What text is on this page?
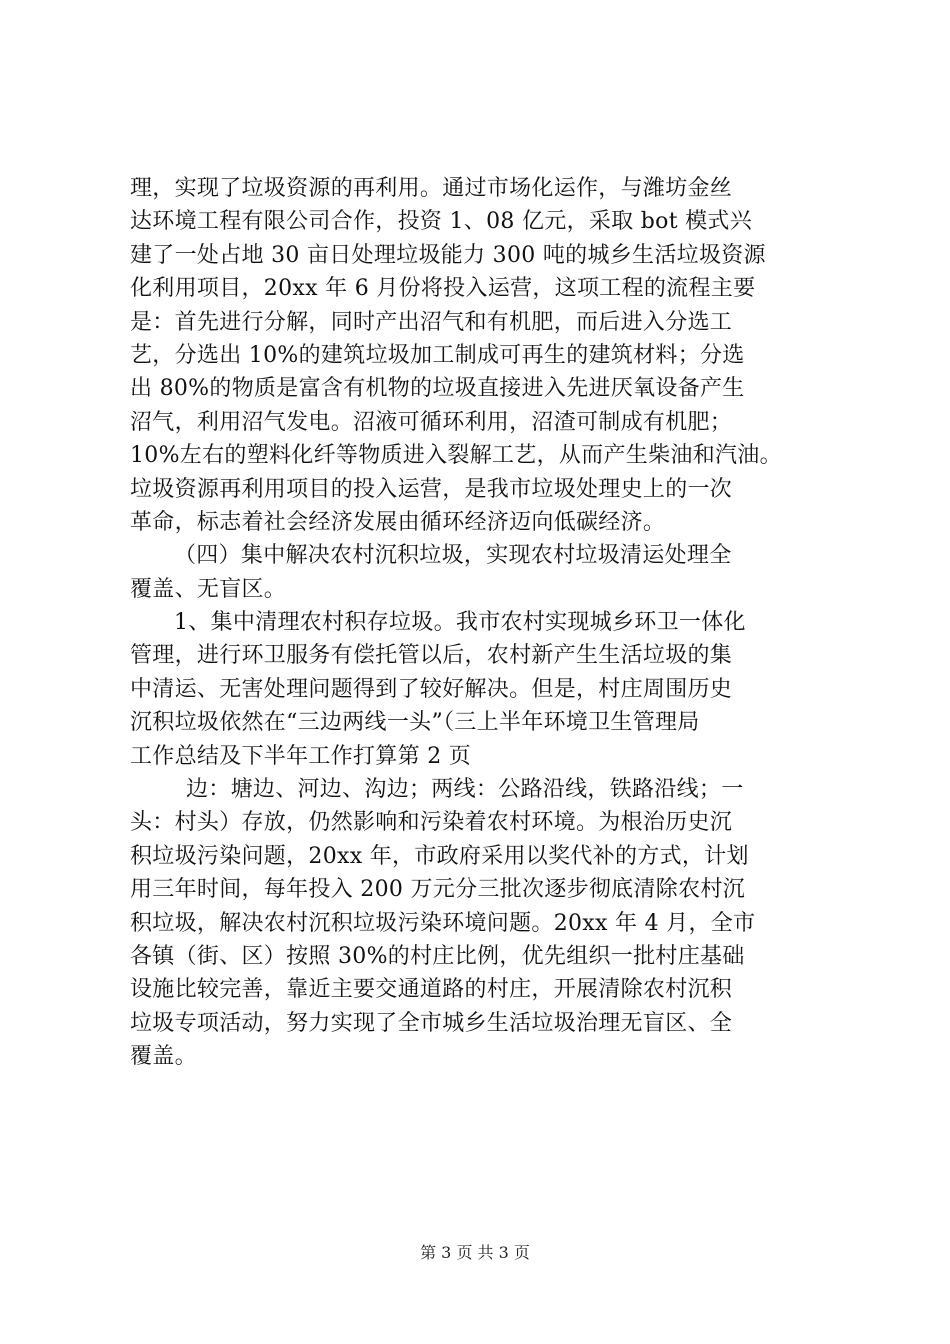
理，实现了垃圾资源的再利用。通过市场化运作，与潍坊金丝
达环境工程有限公司合作，投资 1、08 亿元，采取 bot 模式兴
建了一处占地 30 亩日处理垃圾能力 300 吨的城乡生活垃圾资源
化利用项目，20xx 年 6 月份将投入运营，这项工程的流程主要
是：首先进行分解，同时产出沼气和有机肥，而后进入分选工
艺，分选出 10%的建筑垃圾加工制成可再生的建筑材料；分选
出 80%的物质是富含有机物的垃圾直接进入先进厌氧设备产生
沼气，利用沼气发电。沼液可循环利用，沼渣可制成有机肥；
10%左右的塑料化纤等物质进入裂解工艺，从而产生柴油和汽油。
垃圾资源再利用项目的投入运营，是我市垃圾处理史上的一次
革命，标志着社会经济发展由循环经济迈向低碳经济。
（四）集中解决农村沉积垃圾，实现农村垃圾清运处理全
覆盖、无盲区。
1、集中清理农村积存垃圾。我市农村实现城乡环卫一体化
管理，进行环卫服务有偿托管以后，农村新产生生活垃圾的集
中清运、无害处理问题得到了较好解决。但是，村庄周围历史
沉积垃圾依然在“三边两线一头”（三上半年环境卫生管理局
工作总结及下半年工作打算第 2 页
边：塘边、河边、沟边；两线：公路沿线，铁路沿线；一
头：村头）存放，仍然影响和污染着农村环境。为根治历史沉
积垃圾污染问题，20xx 年，市政府采用以奖代补的方式，计划
用三年时间，每年投入 200 万元分三批次逐步彻底清除农村沉
积垃圾，解决农村沉积垃圾污染环境问题。20xx 年 4 月，全市
各镇（街、区）按照 30%的村庄比例，优先组织一批村庄基础
设施比较完善，靠近主要交通道路的村庄，开展清除农村沉积
垃圾专项活动，努力实现了全市城乡生活垃圾治理无盲区、全
覆盖。
第 3 页 共 3 页
